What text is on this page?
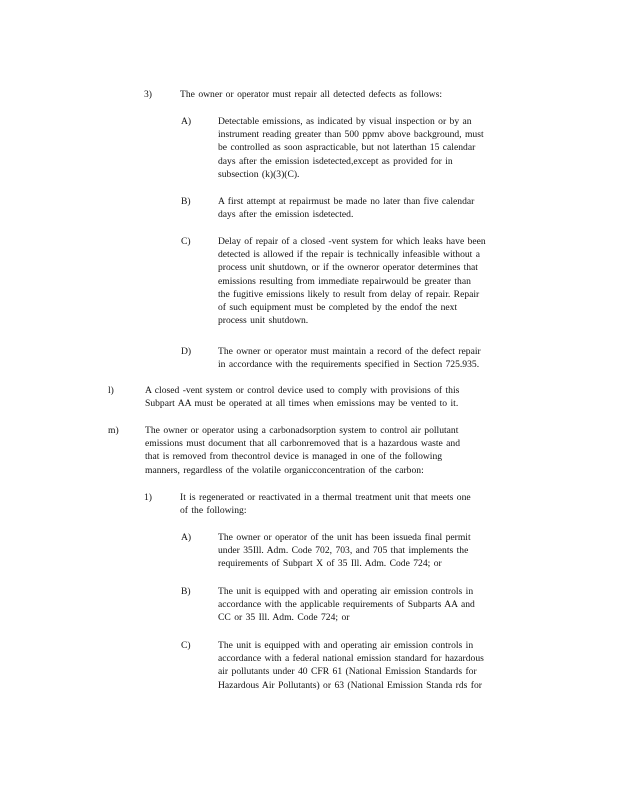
3)	The owner or operator must repair all detected defects as follows:
A)	Detectable emissions, as indicated by visual inspection or by an
instrument reading greater than 500 ppmv above background, must
be controlled as soon aspracticable, but not laterthan 15 calendar
days after the emission isdetected,except as provided for in
subsection (k)(3)(C).
B)	A first attempt at repairmust be made no later than five calendar
days after the emission isdetected.
C)	Delay of repair of a closed -vent system for which leaks have been
detected is allowed if the repair is technically infeasible without a
process unit shutdown, or if the owneror operator determines that
emissions resulting from immediate repairwould be greater than
the fugitive emissions likely to result from delay of repair. Repair
of such equipment must be completed by the endof the next
process unit shutdown.
D)	The owner or operator must maintain a record of the defect repair
in accordance with the requirements specified in Section 725.935.
l)	A closed -vent system or control device used to comply with provisions of this
Subpart AA must be operated at all times when emissions may be vented to it.
m)	The owner or operator using a carbonadsorption system to control air pollutant
emissions must document that all carbonremoved that is a hazardous waste and
that is removed from thecontrol device is managed in one of the following
manners, regardless of the volatile organicconcentration of the carbon:
1)	It is regenerated or reactivated in a thermal treatment unit that meets one
of the following:
A)	The owner or operator of the unit has been issueda final permit
under 35Ill. Adm. Code 702, 703, and 705 that implements the
requirements of Subpart X of 35 Ill. Adm. Code 724; or
B)	The unit is equipped with and operating air emission controls in
accordance with the applicable requirements of Subparts AA and
CC or 35 Ill. Adm. Code 724; or
C)	The unit is equipped with and operating air emission controls in
accordance with a federal national emission standard for hazardous
air pollutants under 40 CFR 61 (National Emission Standards for
Hazardous Air Pollutants) or 63 (National Emission Standa rds for
